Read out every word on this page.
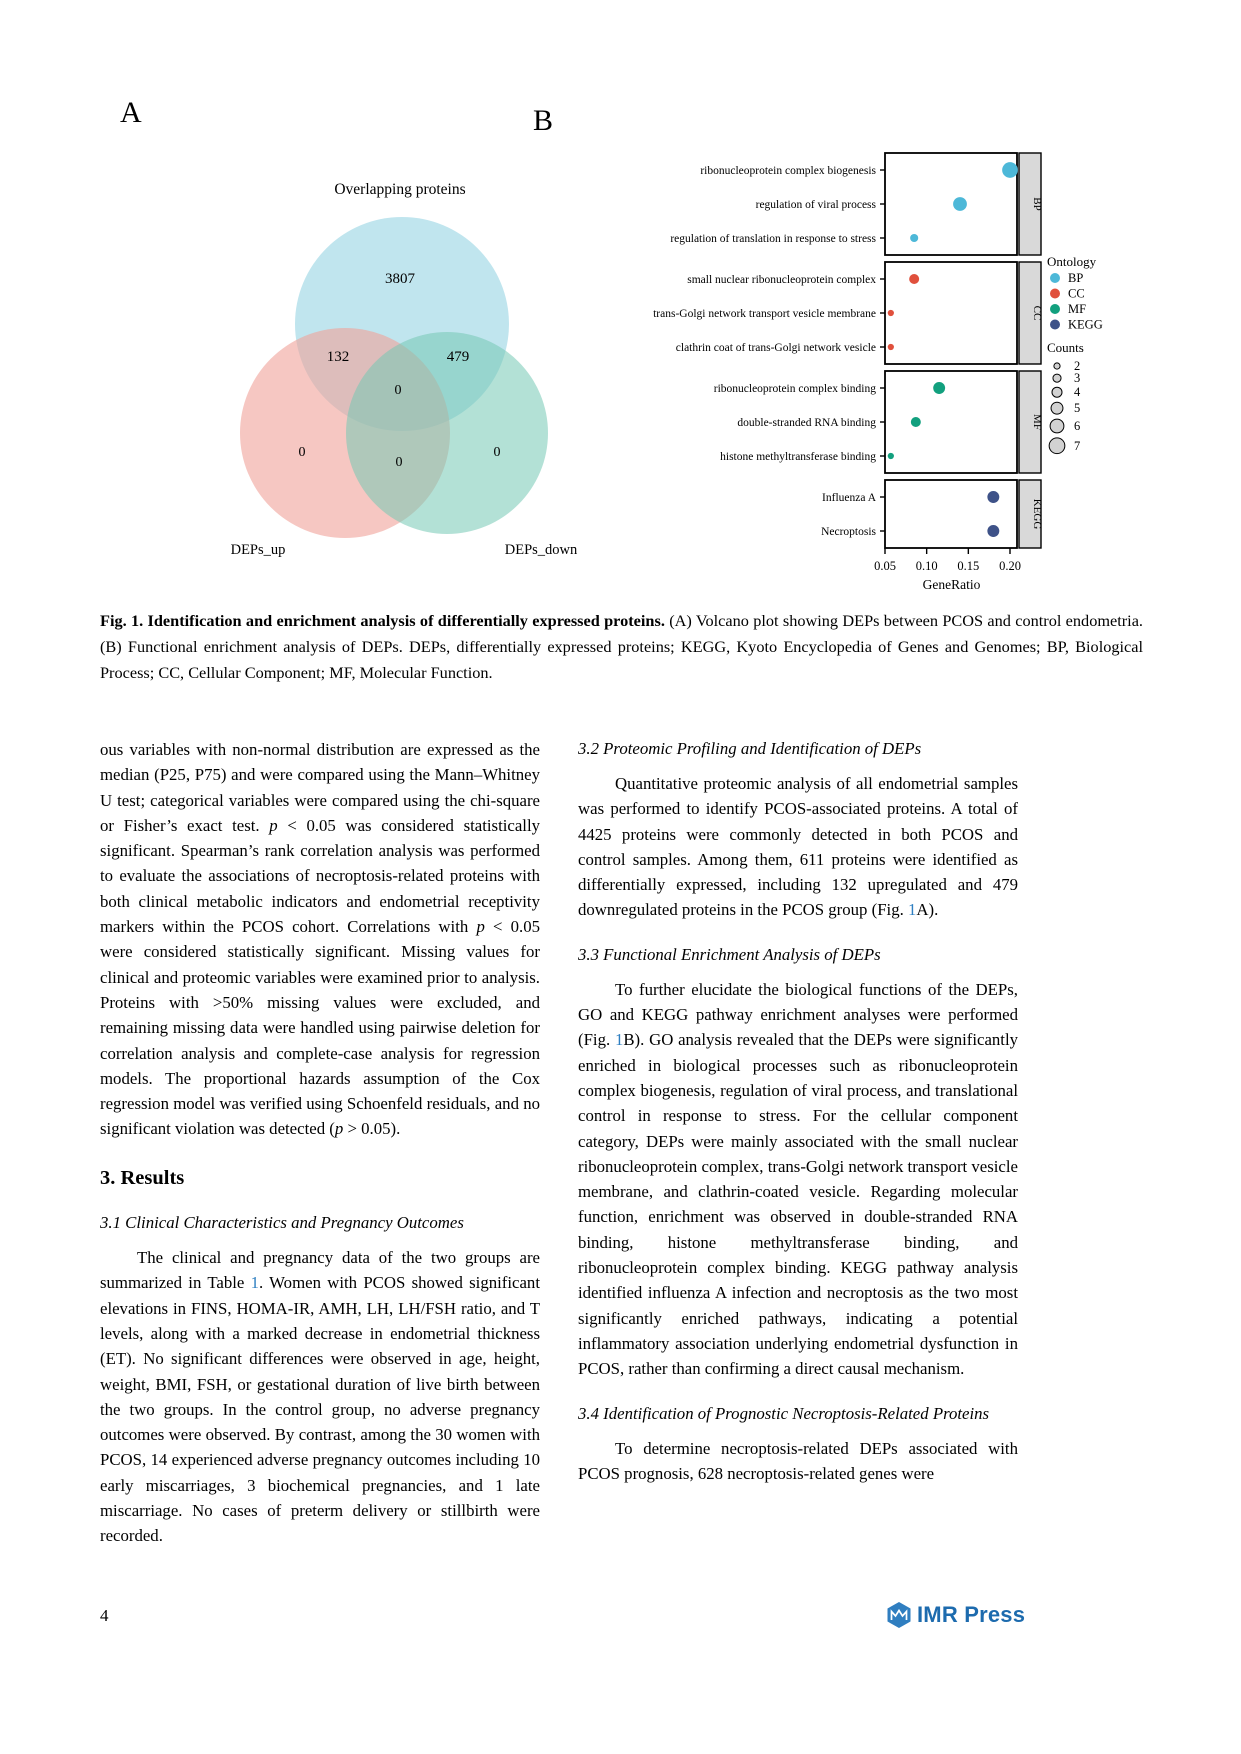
A	B
Overlapping proteins
3807
132	479
0
0
0
0
DEPs_up	DEPs_down
BP
ribonucleoprotein complex biogenesis
regulation of viral process
regulation of translation in response to stress
CC
small nuclear ribonucleoprotein complex
trans-Golgi network transport vesicle membrane
clathrin coat of trans-Golgi network vesicle
MF
ribonucleoprotein complex binding
double-stranded RNA binding
histone methyltransferase binding
KEGG
Influenza A
Necroptosis
0.05 0.10 0.15 0.20
GeneRatio
Ontology
BP
CC
MF
KEGG
Counts
2
3
4
5
6
7
Fig. 1. Identification and enrichment analysis of differentially expressed proteins. (A) Volcano plot showing DEPs between PCOS and control endometria. (B) Functional enrichment analysis of DEPs. DEPs, differentially expressed proteins; KEGG, Kyoto Encyclopedia of Genes and Genomes; BP, Biological Process; CC, Cellular Component; MF, Molecular Function.

ous variables with non-normal distribution are expressed as the median (P25, P75) and were compared using the Mann–Whitney U test; categorical variables were compared using the chi-square or Fisher’s exact test. p < 0.05 was considered statistically significant. Spearman’s rank correlation analysis was performed to evaluate the associations of necroptosis-related proteins with both clinical metabolic indicators and endometrial receptivity markers within the PCOS cohort. Correlations with p < 0.05 were considered statistically significant. Missing values for clinical and proteomic variables were examined prior to analysis. Proteins with >50% missing values were excluded, and remaining missing data were handled using pairwise deletion for correlation analysis and complete-case analysis for regression models. The proportional hazards assumption of the Cox regression model was verified using Schoenfeld residuals, and no significant violation was detected (p > 0.05).

3. Results
3.1 Clinical Characteristics and Pregnancy Outcomes

The clinical and pregnancy data of the two groups are summarized in Table 1. Women with PCOS showed significant elevations in FINS, HOMA-IR, AMH, LH, LH/FSH ratio, and T levels, along with a marked decrease in endometrial thickness (ET). No significant differences were observed in age, height, weight, BMI, FSH, or gestational duration of live birth between the two groups. In the control group, no adverse pregnancy outcomes were observed. By contrast, among the 30 women with PCOS, 14 experienced adverse pregnancy outcomes including 10 early miscarriages, 3 biochemical pregnancies, and 1 late miscarriage. No cases of preterm delivery or stillbirth were recorded.

3.2 Proteomic Profiling and Identification of DEPs

Quantitative proteomic analysis of all endometrial samples was performed to identify PCOS-associated proteins. A total of 4425 proteins were commonly detected in both PCOS and control samples. Among them, 611 proteins were identified as differentially expressed, including 132 upregulated and 479 downregulated proteins in the PCOS group (Fig. 1A).

3.3 Functional Enrichment Analysis of DEPs

To further elucidate the biological functions of the DEPs, GO and KEGG pathway enrichment analyses were performed (Fig. 1B). GO analysis revealed that the DEPs were significantly enriched in biological processes such as ribonucleoprotein complex biogenesis, regulation of viral process, and translational control in response to stress. For the cellular component category, DEPs were mainly associated with the small nuclear ribonucleoprotein complex, trans-Golgi network transport vesicle membrane, and clathrin-coated vesicle. Regarding molecular function, enrichment was observed in double-stranded RNA binding, histone methyltransferase binding, and ribonucleoprotein complex binding. KEGG pathway analysis identified influenza A infection and necroptosis as the two most significantly enriched pathways, indicating a potential inflammatory association underlying endometrial dysfunction in PCOS, rather than confirming a direct causal mechanism.

3.4 Identification of Prognostic Necroptosis-Related Proteins

To determine necroptosis-related DEPs associated with PCOS prognosis, 628 necroptosis-related genes were

4	IMR Press
